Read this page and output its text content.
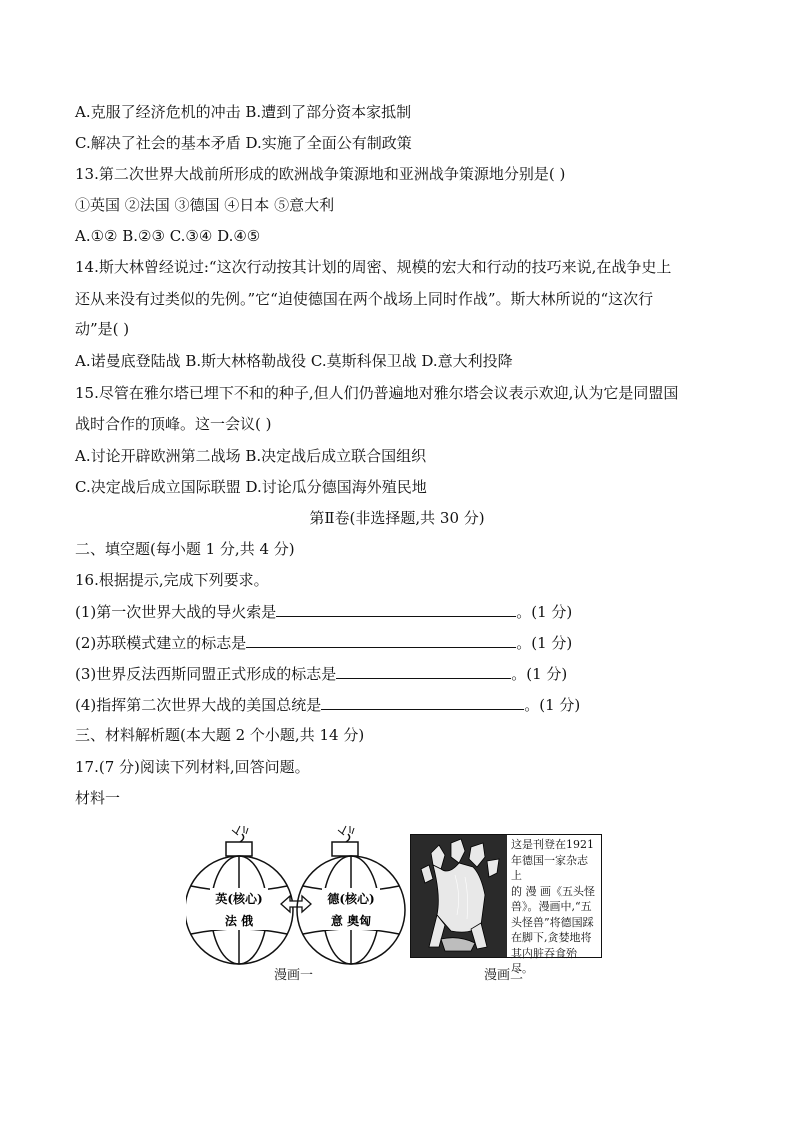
A.克服了经济危机的冲击 B.遭到了部分资本家抵制
C.解决了社会的基本矛盾 D.实施了全面公有制政策
13.第二次世界大战前所形成的欧洲战争策源地和亚洲战争策源地分别是( )
①英国 ②法国 ③德国 ④日本 ⑤意大利
A.①② B.②③ C.③④ D.④⑤
14.斯大林曾经说过:“这次行动按其计划的周密、规模的宏大和行动的技巧来说,在战争史上
还从来没有过类似的先例。”它“迫使德国在两个战场上同时作战”。斯大林所说的“这次行
动”是( )
A.诺曼底登陆战 B.斯大林格勒战役 C.莫斯科保卫战 D.意大利投降
15.尽管在雅尔塔已埋下不和的种子,但人们仍普遍地对雅尔塔会议表示欢迎,认为它是同盟国
战时合作的顶峰。这一会议( )
A.讨论开辟欧洲第二战场 B.决定战后成立联合国组织
C.决定战后成立国际联盟 D.讨论瓜分德国海外殖民地
第Ⅱ卷(非选择题,共 30 分)
二、填空题(每小题 1 分,共 4 分)
16.根据提示,完成下列要求。
(1)第一次世界大战的导火索是	。(1 分)
(2)苏联模式建立的标志是	。(1 分)
(3)世界反法西斯同盟正式形成的标志是	。(1 分)
(4)指挥第二次世界大战的美国总统是	。(1 分)
三、材料解析题(本大题 2 个小题,共 14 分)
17.(7 分)阅读下列材料,回答问题。
材料一
英(核心)
法 俄
德(核心)
意 奥匈
漫画一
这是刊登在1921
年德国一家杂志上
的 漫 画《五头怪
兽》。漫画中,“五
头怪兽”将德国踩
在脚下,贪婪地将
其内脏吞食殆尽。
漫画二
